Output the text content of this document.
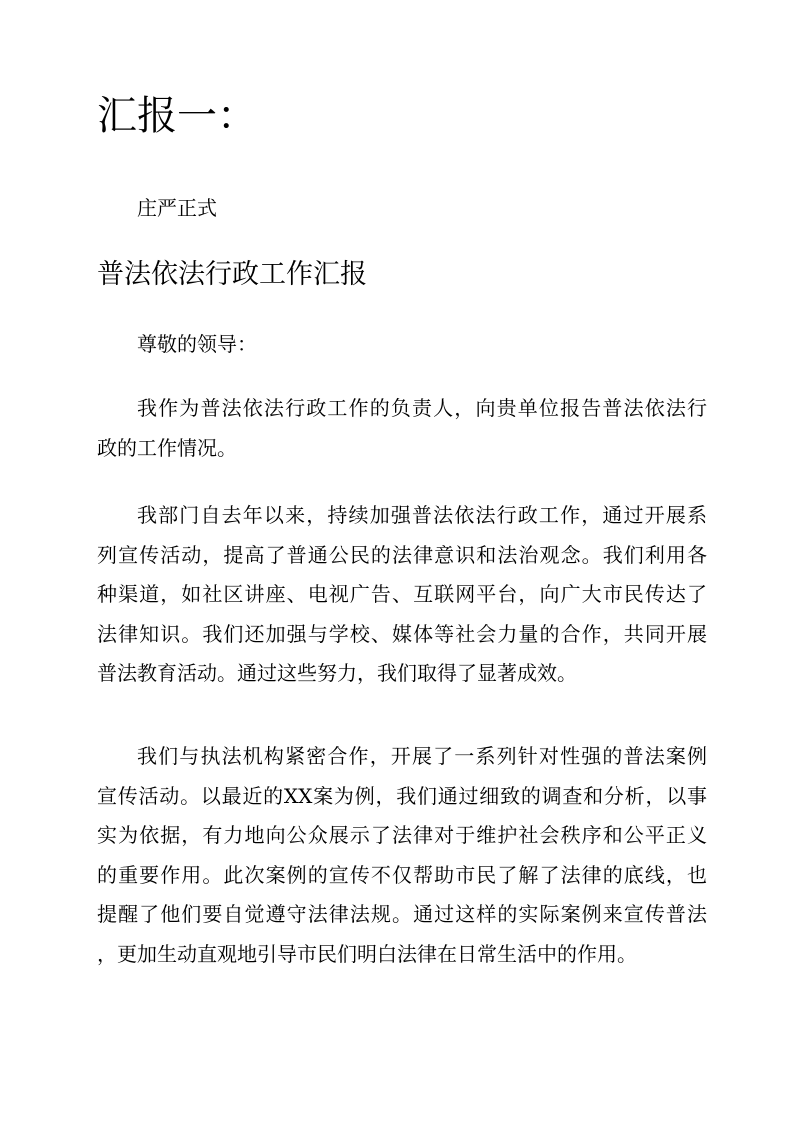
汇报一：
庄严正式
普法依法行政工作汇报
尊敬的领导：
我作为普法依法行政工作的负责人，向贵单位报告普法依法行
政的工作情况。
我部门自去年以来，持续加强普法依法行政工作，通过开展系
列宣传活动，提高了普通公民的法律意识和法治观念。我们利用各
种渠道，如社区讲座、电视广告、互联网平台，向广大市民传达了
法律知识。我们还加强与学校、媒体等社会力量的合作，共同开展
普法教育活动。通过这些努力，我们取得了显著成效。
我们与执法机构紧密合作，开展了一系列针对性强的普法案例
宣传活动。以最近的XX案为例，我们通过细致的调查和分析，以事
实为依据，有力地向公众展示了法律对于维护社会秩序和公平正义
的重要作用。此次案例的宣传不仅帮助市民了解了法律的底线，也
提醒了他们要自觉遵守法律法规。通过这样的实际案例来宣传普法
，更加生动直观地引导市民们明白法律在日常生活中的作用。
